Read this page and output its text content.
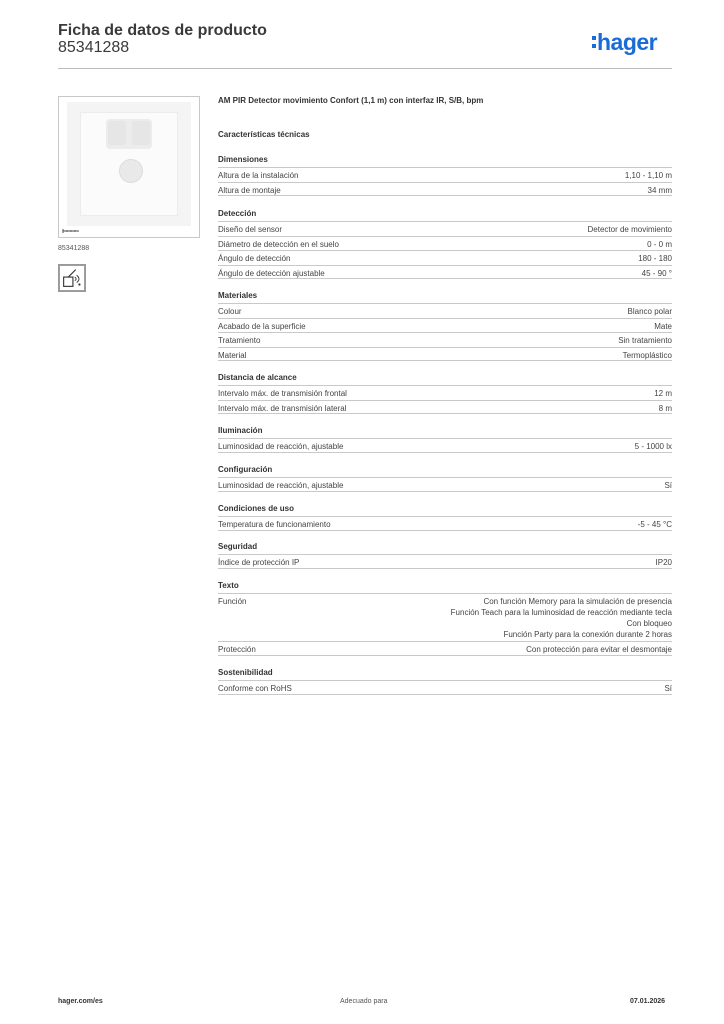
Ficha de datos de producto
85341288	hager
85341288
AM PIR Detector movimiento Confort (1,1 m) con interfaz IR, S/B, bpm
Características técnicas
Dimensiones
Altura de la instalación	1,10 - 1,10 m
Altura de montaje	34 mm
Detección
Diseño del sensor	Detector de movimiento
Diámetro de detección en el suelo	0 - 0 m
Ángulo de detección	180 - 180
Ángulo de detección ajustable	45 - 90 °
Materiales
Colour	Blanco polar
Acabado de la superficie	Mate
Tratamiento	Sin tratamiento
Material	Termoplástico
Distancia de alcance
Intervalo máx. de transmisión frontal	12 m
Intervalo máx. de transmisión lateral	8 m
Iluminación
Luminosidad de reacción, ajustable	5 - 1000 lx
Configuración
Luminosidad de reacción, ajustable	Sí
Condiciones de uso
Temperatura de funcionamiento	-5 - 45 °C
Seguridad
Índice de protección IP	IP20
Texto
Función	Con función Memory para la simulación de presencia
Función Teach para la luminosidad de reacción mediante tecla
Con bloqueo
Función Party para la conexión durante 2 horas
Protección	Con protección para evitar el desmontaje
Sostenibilidad
Conforme con RoHS	Sí
hager.com/es	Adecuado para	07.01.2026
